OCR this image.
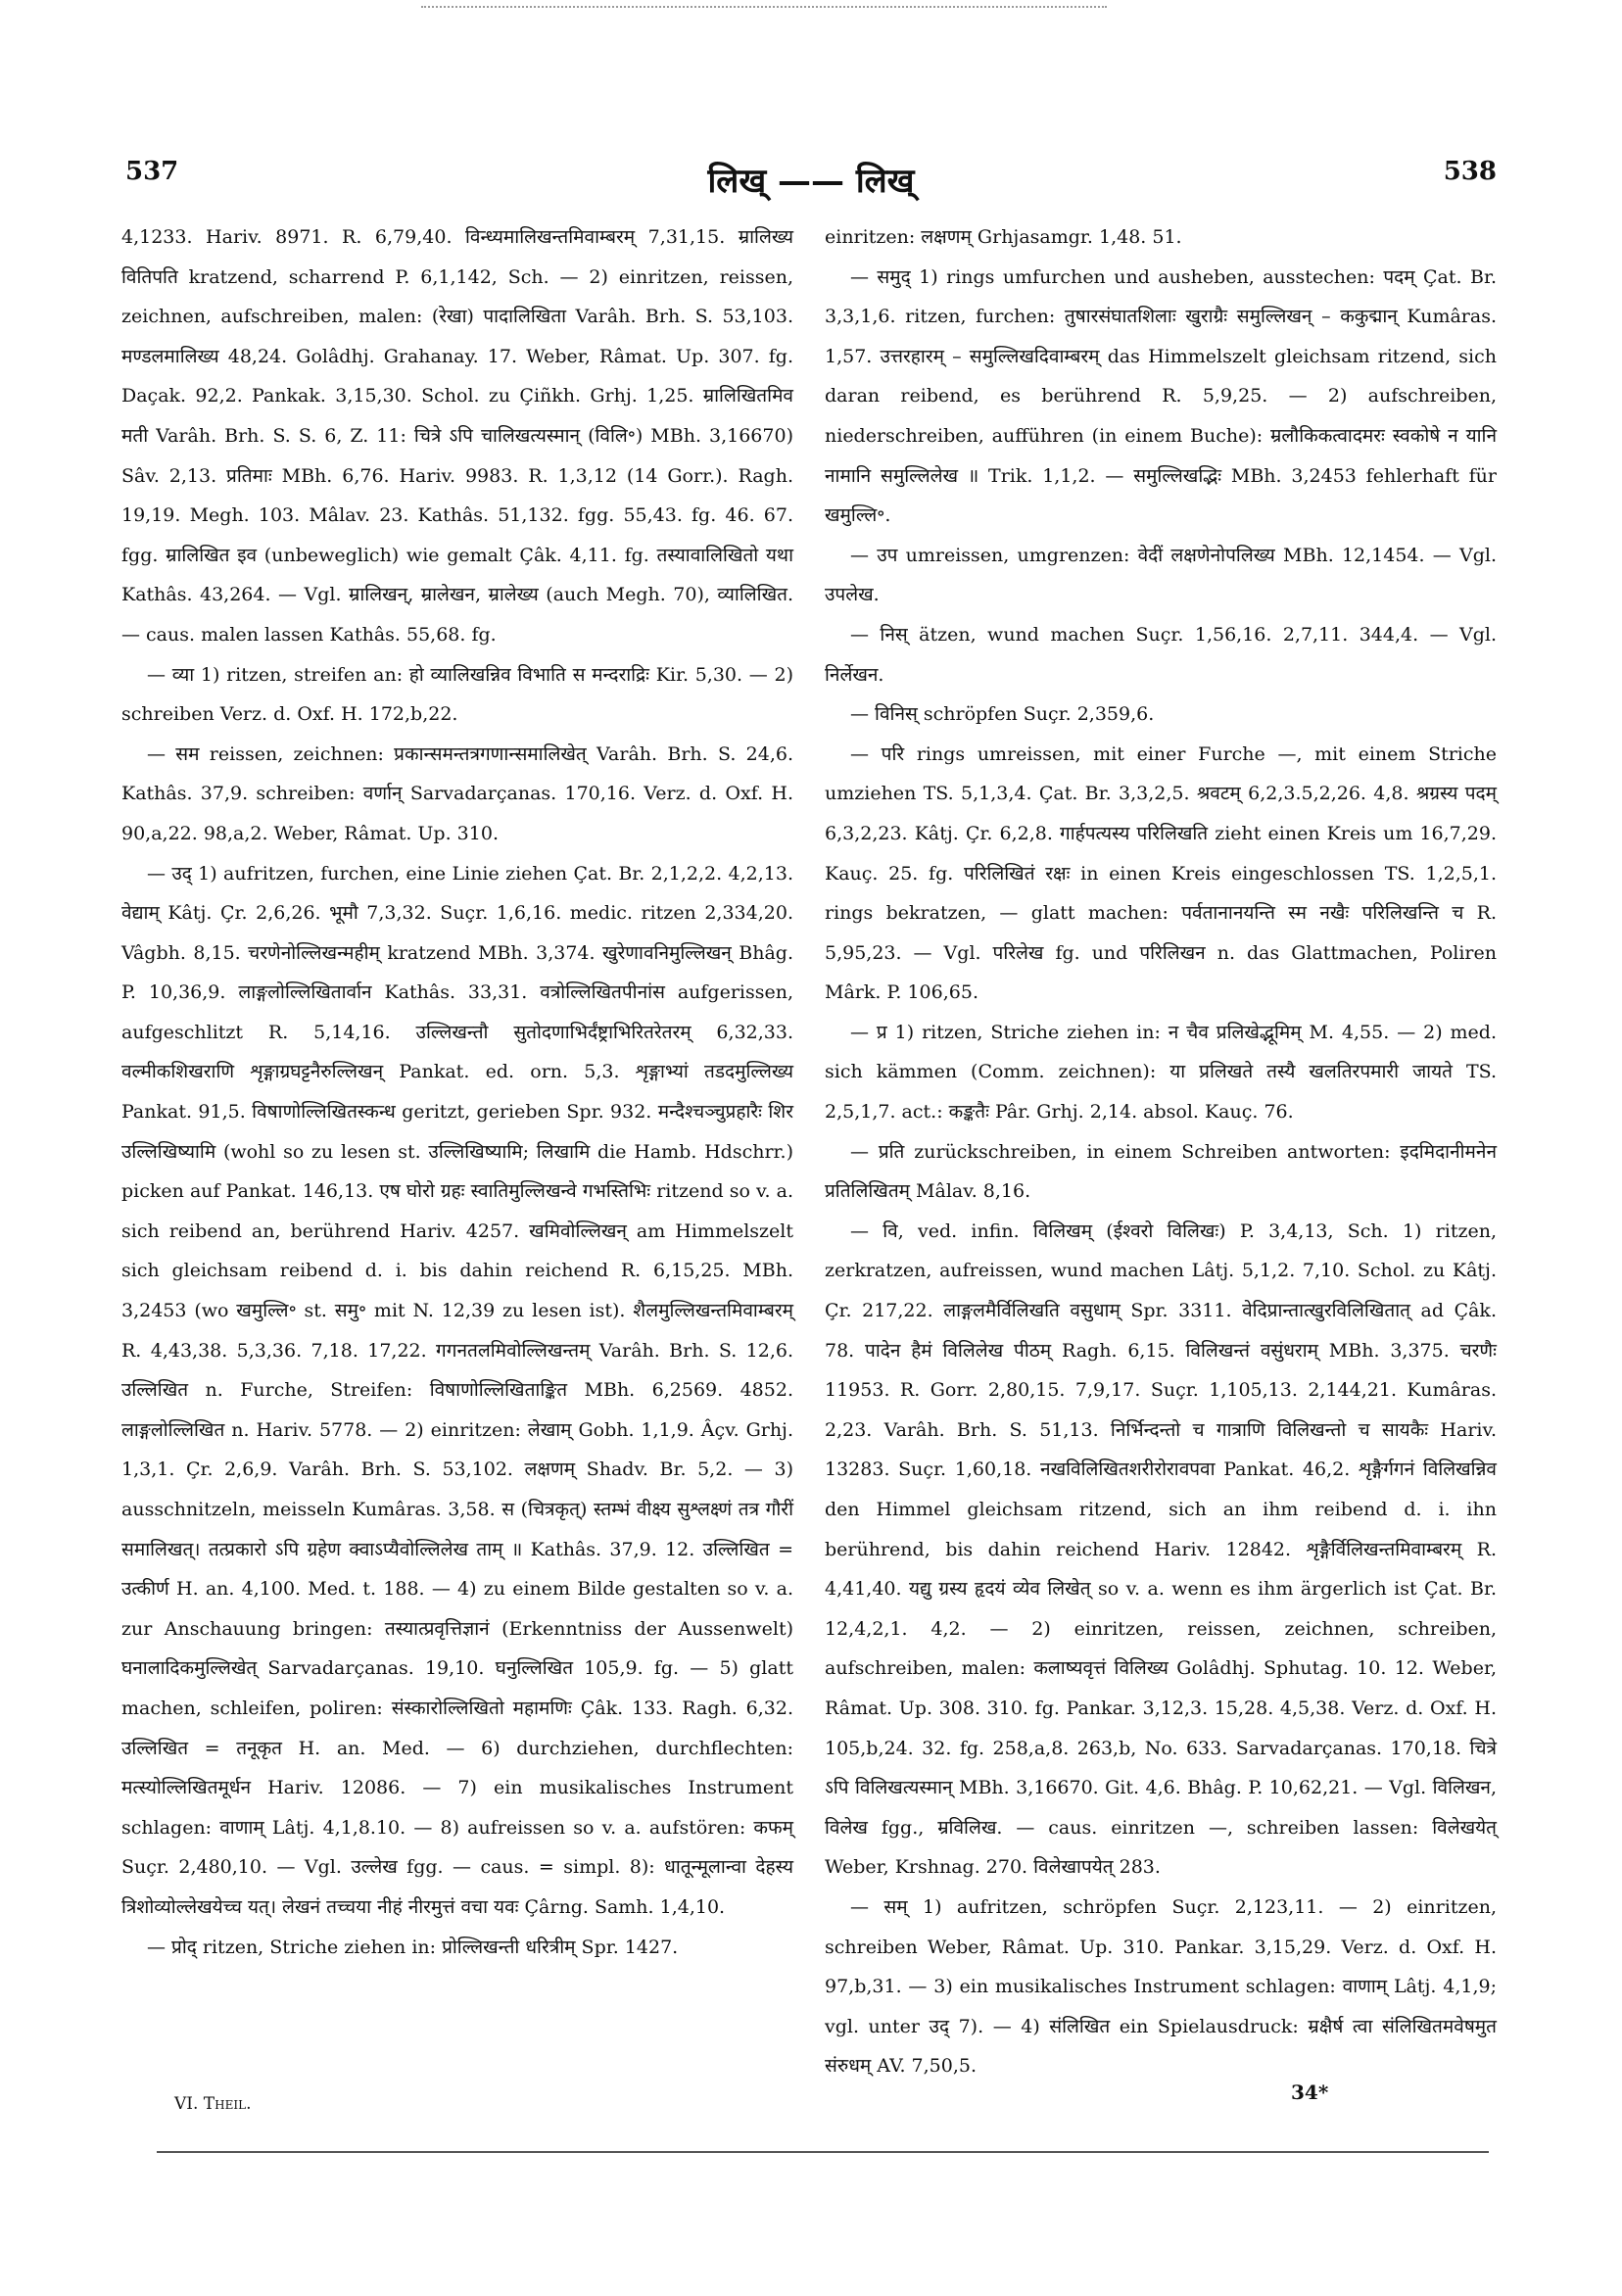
537	लिख् —— लिख्	538

4,1233. Hariv. 8971. R. 6,79,40. विन्ध्यमालिखन्तमिवाम्बरम् 7,31,15. म्रालिख्य वितिपति kratzend, scharrend P. 6,1,142, Sch. — 2) einritzen, reissen, zeichnen, aufschreiben, malen: (रेखा) पादालिखिता Varâh. Brh. S. 53,103. मण्डलमालिख्य 48,24. Golâdhj. Grahanay. 17. Weber, Râmat. Up. 307. fg. Daçak. 92,2. Pankak. 3,15,30. Schol. zu Çiñkh. Grhj. 1,25. म्रालिखितमिव मती Varâh. Brh. S. S. 6, Z. 11: चित्रे ऽपि चालिखत्यस्मान् (विलि॰) MBh. 3,16670) Sâv. 2,13. प्रतिमाः MBh. 6,76. Hariv. 9983. R. 1,3,12 (14 Gorr.). Ragh. 19,19. Megh. 103. Mâlav. 23. Kathâs. 51,132. fgg. 55,43. fg. 46. 67. fgg. म्रालिखित इव (unbeweglich) wie gemalt Çâk. 4,11. fg. तस्यावालिखितो यथा Kathâs. 43,264. — Vgl. म्रालिखन्, म्रालेखन, म्रालेख्य (auch Megh. 70), व्यालिखित. — caus. malen lassen Kathâs. 55,68. fg.

— व्या 1) ritzen, streifen an: हो व्यालिखन्निव विभाति स मन्दराद्रिः Kir. 5,30. — 2) schreiben Verz. d. Oxf. H. 172,b,22.

— सम reissen, zeichnen: प्रकान्समन्तत्रगणान्समालिखेत् Varâh. Brh. S. 24,6. Kathâs. 37,9. schreiben: वर्णान् Sarvadarçanas. 170,16. Verz. d. Oxf. H. 90,a,22. 98,a,2. Weber, Râmat. Up. 310.

— उद् 1) aufritzen, furchen, eine Linie ziehen Çat. Br. 2,1,2,2. 4,2,13. वेद्याम् Kâtj. Çr. 2,6,26. भूमौ 7,3,32. Suçr. 1,6,16. medic. ritzen 2,334,20. Vâgbh. 8,15. चरणेनोल्लिखन्महीम् kratzend MBh. 3,374. खुरेणावनिमुल्लिखन् Bhâg. P. 10,36,9. लाङ्गलोल्लिखितार्वान Kathâs. 33,31. वत्रोल्लिखितपीनांस aufgerissen, aufgeschlitzt R. 5,14,16. उल्लिखन्तौ सुतोदणाभिर्दंष्ट्राभिरितरेतरम् 6,32,33. वल्मीकशिखराणि शृङ्गाग्रघट्टनैरुल्लिखन् Pankat. ed. orn. 5,3. शृङ्गाभ्यां तडदमुल्लिख्य Pankat. 91,5. विषाणोल्लिखितस्कन्ध geritzt, gerieben Spr. 932. मन्दैश्चञ्चुप्रहारैः शिर उल्लिखिष्यामि (wohl so zu lesen st. उल्लिखिष्यामि; लिखामि die Hamb. Hdschrr.) picken auf Pankat. 146,13. एष घोरो ग्रहः स्वातिमुल्लिखन्वे गभस्तिभिः ritzend so v. a. sich reibend an, berührend Hariv. 4257. खमिवोल्लिखन् am Himmelszelt sich gleichsam reibend d. i. bis dahin reichend R. 6,15,25. MBh. 3,2453 (wo खमुल्लि॰ st. समु॰ mit N. 12,39 zu lesen ist). शैलमुल्लिखन्तमिवाम्बरम् R. 4,43,38. 5,3,36. 7,18. 17,22. गगनतलमिवोल्लिखन्तम् Varâh. Brh. S. 12,6. उल्लिखित n. Furche, Streifen: विषाणोल्लिखिताङ्कित MBh. 6,2569. 4852. लाङ्गलोल्लिखित n. Hariv. 5778. — 2) einritzen: लेखाम् Gobh. 1,1,9. Âçv. Grhj. 1,3,1. Çr. 2,6,9. Varâh. Brh. S. 53,102. लक्षणम् Shadv. Br. 5,2. — 3) ausschnitzeln, meisseln Kumâras. 3,58. स (चित्रकृत्) स्तम्भं वीक्ष्य सुश्लक्ष्णं तत्र गौरीं समालिखत्। तत्प्रकारो ऽपि ग्रहेण क्वाऽप्यैवोल्लिलेख ताम् ॥ Kathâs. 37,9. 12. उल्लिखित = उत्कीर्ण H. an. 4,100. Med. t. 188. — 4) zu einem Bilde gestalten so v. a. zur Anschauung bringen: तस्यात्प्रवृत्तिज्ञानं (Erkenntniss der Aussenwelt) घनालादिकमुल्लिखेत् Sarvadarçanas. 19,10. घनुल्लिखित 105,9. fg. — 5) glatt machen, schleifen, poliren: संस्कारोल्लिखितो महामणिः Çâk. 133. Ragh. 6,32. उल्लिखित = तनूकृत H. an. Med. — 6) durchziehen, durchflechten: मत्स्योल्लिखितमूर्धन Hariv. 12086. — 7) ein musikalisches Instrument schlagen: वाणाम् Lâtj. 4,1,8.10. — 8) aufreissen so v. a. aufstören: कफम् Suçr. 2,480,10. — Vgl. उल्लेख fgg. — caus. = simpl. 8): धातून्मूलान्वा देहस्य त्रिशोव्योल्लेखयेच्च यत्। लेखनं तच्चया नीहं नीरमुत्तं वचा यवः Çârng. Samh. 1,4,10.

— प्रोद् ritzen, Striche ziehen in: प्रोल्लिखन्ती धरित्रीम् Spr. 1427.

einritzen: लक्षणम् Grhjasamgr. 1,48. 51.

— समुद् 1) rings umfurchen und ausheben, ausstechen: पदम् Çat. Br. 3,3,1,6. ritzen, furchen: तुषारसंघातशिलाः खुराग्रैः समुल्लिखन् – ककुद्मान् Kumâras. 1,57. उत्तरहारम् – समुल्लिखदिवाम्बरम् das Himmelszelt gleichsam ritzend, sich daran reibend, es berührend R. 5,9,25. — 2) aufschreiben, niederschreiben, aufführen (in einem Buche): म्रलौकिकत्वादमरः स्वकोषे न यानि नामानि समुल्लिलेख ॥ Trik. 1,1,2. — समुल्लिखद्भिः MBh. 3,2453 fehlerhaft für खमुल्लि॰.

— उप umreissen, umgrenzen: वेदीं लक्षणेनोपलिख्य MBh. 12,1454. — Vgl. उपलेख.

— निस् ätzen, wund machen Suçr. 1,56,16. 2,7,11. 344,4. — Vgl. निर्लेखन.

— विनिस् schröpfen Suçr. 2,359,6.

— परि rings umreissen, mit einer Furche —, mit einem Striche umziehen TS. 5,1,3,4. Çat. Br. 3,3,2,5. श्रवटम् 6,2,3.5,2,26. 4,8. श्रग्रस्य पदम् 6,3,2,23. Kâtj. Çr. 6,2,8. गार्हपत्यस्य परिलिखति zieht einen Kreis um 16,7,29. Kauç. 25. fg. परिलिखितं रक्षः in einen Kreis eingeschlossen TS. 1,2,5,1. rings bekratzen, — glatt machen: पर्वतानानयन्ति स्म नखैः परिलिखन्ति च R. 5,95,23. — Vgl. परिलेख fg. und परिलिखन n. das Glattmachen, Poliren Mârk. P. 106,65.

— प्र 1) ritzen, Striche ziehen in: न चैव प्रलिखेद्भूमिम् M. 4,55. — 2) med. sich kämmen (Comm. zeichnen): या प्रलिखते तस्यै खलतिरपमारी जायते TS. 2,5,1,7. act.: कङ्कतैः Pâr. Grhj. 2,14. absol. Kauç. 76.

— प्रति zurückschreiben, in einem Schreiben antworten: इदमिदानीमनेन प्रतिलिखितम् Mâlav. 8,16.

— वि, ved. infin. विलिखम् (ईश्वरो विलिखः) P. 3,4,13, Sch. 1) ritzen, zerkratzen, aufreissen, wund machen Lâtj. 5,1,2. 7,10. Schol. zu Kâtj. Çr. 217,22. लाङ्गलमैर्विलिखति वसुधाम् Spr. 3311. वेदिप्रान्तात्खुरविलिखितात् ad Çâk. 78. पादेन हैमं विलिलेख पीठम् Ragh. 6,15. विलिखन्तं वसुंधराम् MBh. 3,375. चरणैः 11953. R. Gorr. 2,80,15. 7,9,17. Suçr. 1,105,13. 2,144,21. Kumâras. 2,23. Varâh. Brh. S. 51,13. निर्भिन्दन्तो च गात्राणि विलिखन्तो च सायकैः Hariv. 13283. Suçr. 1,60,18. नखविलिखितशरीरोरावपवा Pankat. 46,2. शृङ्गैर्गगनं विलिखन्निव den Himmel gleichsam ritzend, sich an ihm reibend d. i. ihn berührend, bis dahin reichend Hariv. 12842. शृङ्गैर्विलिखन्तमिवाम्बरम् R. 4,41,40. यद्यु ग्रस्य हृदयं व्येव लिखेत् so v. a. wenn es ihm ärgerlich ist Çat. Br. 12,4,2,1. 4,2. — 2) einritzen, reissen, zeichnen, schreiben, aufschreiben, malen: कलाष्यवृत्तं विलिख्य Golâdhj. Sphutag. 10. 12. Weber, Râmat. Up. 308. 310. fg. Pankar. 3,12,3. 15,28. 4,5,38. Verz. d. Oxf. H. 105,b,24. 32. fg. 258,a,8. 263,b, No. 633. Sarvadarçanas. 170,18. चित्रे ऽपि विलिखत्यस्मान् MBh. 3,16670. Git. 4,6. Bhâg. P. 10,62,21. — Vgl. विलिखन, विलेख fgg., म्रविलिख. — caus. einritzen —, schreiben lassen: विलेखयेत् Weber, Krshnag. 270. विलेखापयेत् 283.

— सम् 1) aufritzen, schröpfen Suçr. 2,123,11. — 2) einritzen, schreiben Weber, Râmat. Up. 310. Pankar. 3,15,29. Verz. d. Oxf. H. 97,b,31. — 3) ein musikalisches Instrument schlagen: वाणाम् Lâtj. 4,1,9; vgl. unter उद् 7). — 4) संलिखित ein Spielausdruck: म्रक्षैर्ष त्वा संलिखितमवेषमुत संरुधम् AV. 7,50,5.

VI. Theil.	34*
